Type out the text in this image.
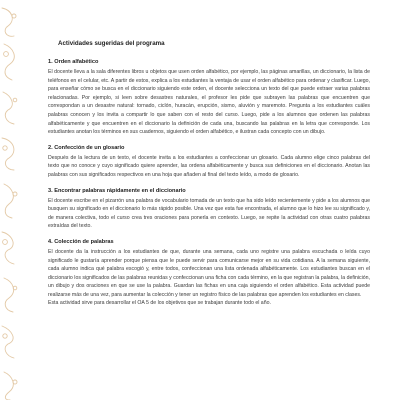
Actividades sugeridas del programa

1. Orden alfabético

El docente lleva a la sala diferentes libros u objetos que usen orden alfabético, por ejemplo, las páginas amarillas, un diccionario, la lista de teléfonos en el celular, etc. A partir de estos, explica a los estudiantes la ventaja de usar el orden alfabético para ordenar y clasificar. Luego, para enseñar cómo se busca en el diccionario siguiendo este orden, el docente selecciona un texto del que puede extraer varias palabras relacionadas. Por ejemplo, si leen sobre desastres naturales, el profesor les pide que subrayen las palabras que encuentren que correspondan a un desastre natural: tornado, ciclón, huracán, erupción, sismo, aluvión y maremoto. Pregunta a los estudiantes cuáles palabras conocen y los invita a compartir lo que saben con el resto del curso. Luego, pide a los alumnos que ordenen las palabras alfabéticamente y que encuentren en el diccionario la definición de cada una, buscando las palabras en la letra que corresponde. Los estudiantes anotan los términos en sus cuadernos, siguiendo el orden alfabético, e ilustran cada concepto con un dibujo.

2. Confección de un glosario

Después de la lectura de un texto, el docente invita a los estudiantes a confeccionar un glosario. Cada alumno elige cinco palabras del texto que no conoce y cuyo significado quiere aprender, las ordena alfabéticamente y busca sus definiciones en el diccionario. Anotan las palabras con sus significados respectivos en una hoja que añaden al final del texto leído, a modo de glosario.

3. Encontrar palabras rápidamente en el diccionario

El docente escribe en el pizarrón una palabra de vocabulario tomada de un texto que ha sido leído recientemente y pide a los alumnos que busquen su significado en el diccionario lo más rápido posible. Una vez que esta fue encontrada, el alumno que lo hizo lee su significado y, de manera colectiva, todo el curso crea tres oraciones para ponerla en contexto. Luego, se repite la actividad con otras cuatro palabras extraídas del texto.

4. Colección de palabras

El docente da la instrucción a los estudiantes de que, durante una semana, cada uno registre una palabra escuchada o leída cuyo significado le gustaría aprender porque piensa que le puede servir para comunicarse mejor en su vida cotidiana. A la semana siguiente, cada alumno indica qué palabra escogió y, entre todos, confeccionan una lista ordenada alfabéticamente. Los estudiantes buscan en el diccionario los significados de las palabras reunidas y confeccionan una ficha con cada término, en la que registran la palabra, la definición, un dibujo y dos oraciones en que se use la palabra. Guardan las fichas en una caja siguiendo el orden alfabético. Esta actividad puede realizarse más de una vez, para aumentar la colección y tener un registro físico de las palabras que aprenden los estudiantes en clases.

Esta actividad sirve para desarrollar el OA 5 de los objetivos que se trabajan durante todo el año.
